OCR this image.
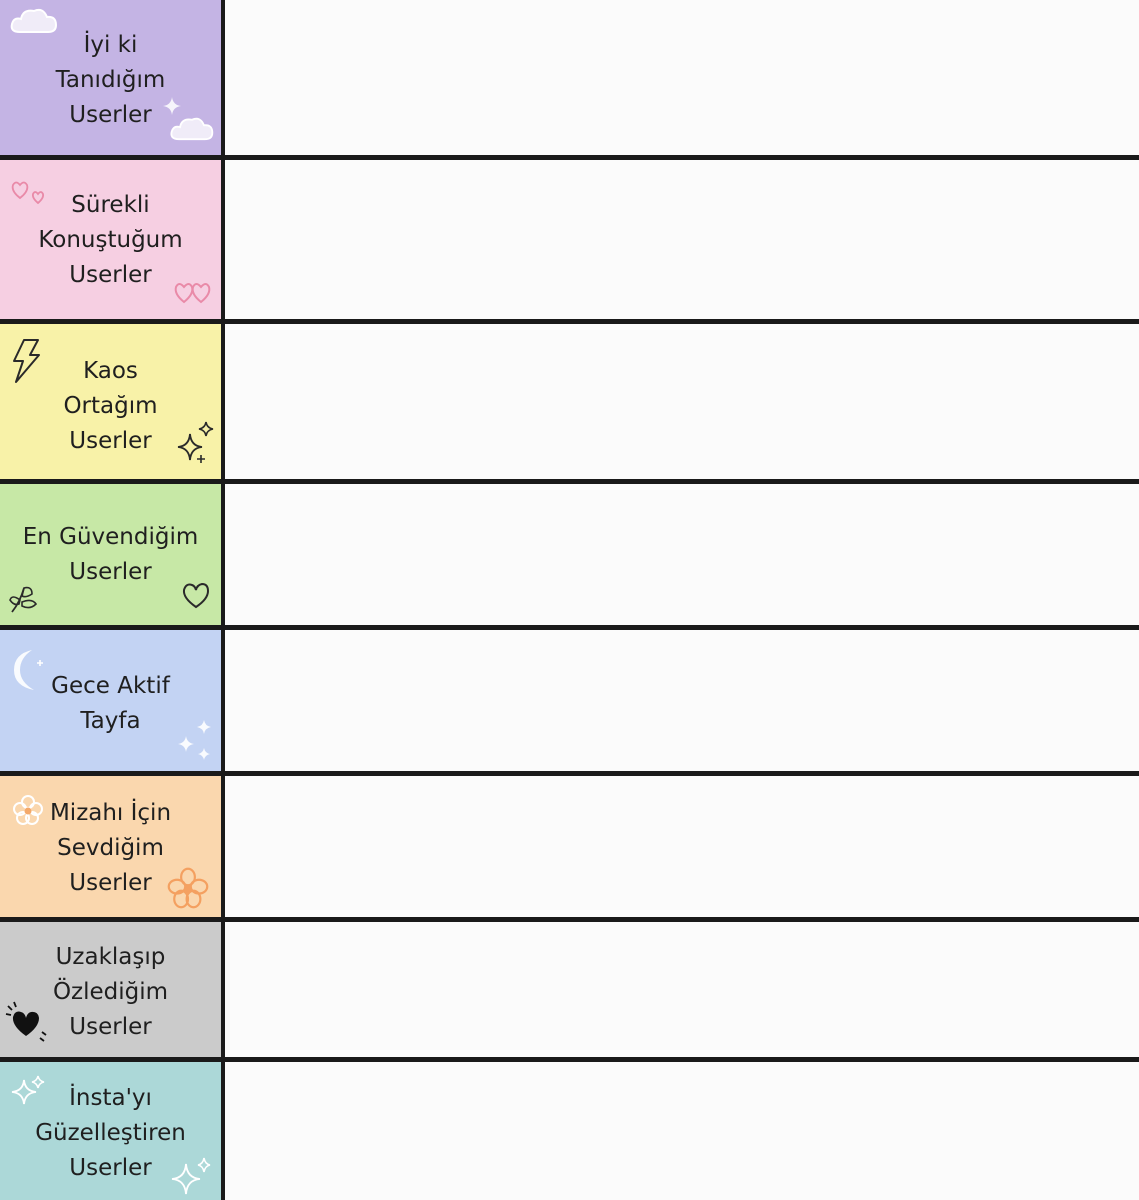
İyi ki
Tanıdığım
Userler
Sürekli
Konuştuğum
Userler
Kaos
Ortağım
Userler
En Güvendiğim
Userler
Gece Aktif
Tayfa
Mizahı İçin
Sevdiğim
Userler
Uzaklaşıp
Özlediğim
Userler
İnsta'yı
Güzelleştiren
Userler
